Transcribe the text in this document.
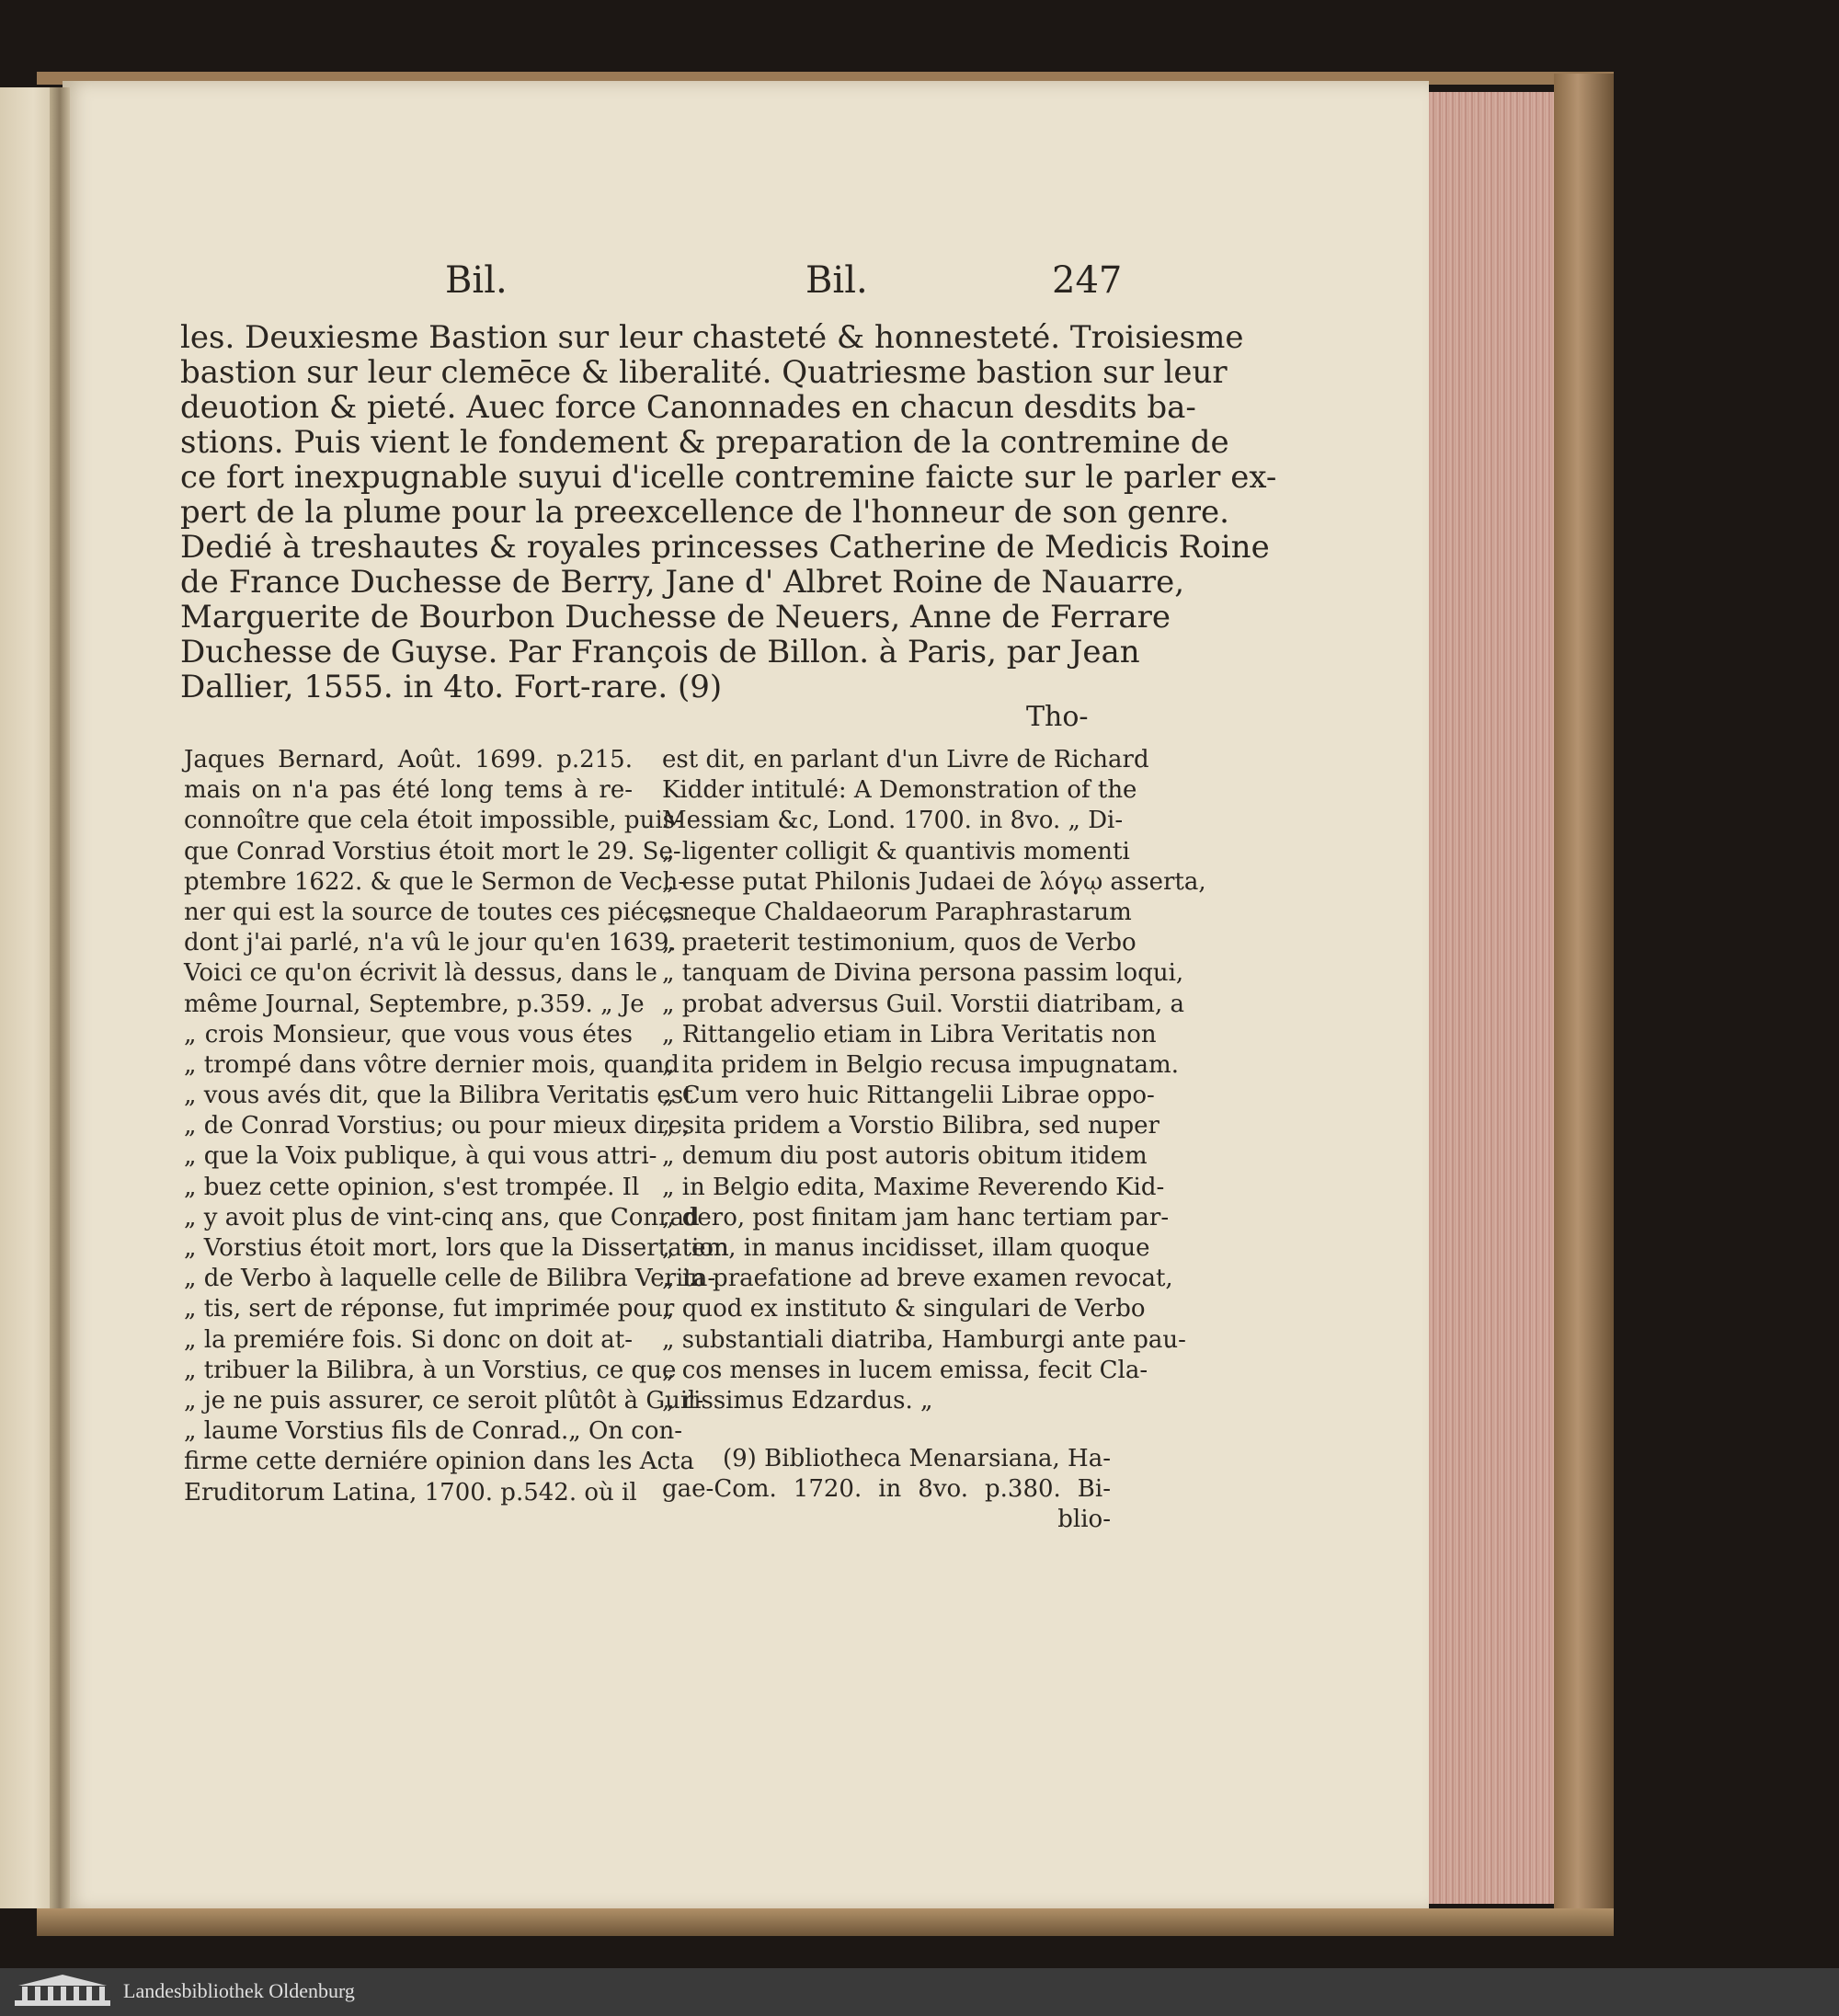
Bil.	Bil.	247
les. Deuxiesme Bastion sur leur chasteté & honnesteté. Troisiesme
bastion sur leur clemēce & liberalité. Quatriesme bastion sur leur
deuotion & pieté. Auec force Canonnades en chacun desdits ba-
stions. Puis vient le fondement & preparation de la contremine de
ce fort inexpugnable suyui d'icelle contremine faicte sur le parler ex-
pert de la plume pour la preexcellence de l'honneur de son genre.
Dedié à treshautes & royales princesses Catherine de Medicis Roine
de France Duchesse de Berry, Jane d' Albret Roine de Nauarre,
Marguerite de Bourbon Duchesse de Neuers, Anne de Ferrare
Duchesse de Guyse. Par François de Billon. à Paris, par Jean
Dallier, 1555. in 4to. Fort-rare. (9)
Tho-
Jaques Bernard, Août. 1699. p.215.
mais on n'a pas été long tems à re-
connoître que cela étoit impossible, puis-
que Conrad Vorstius étoit mort le 29. Se-
ptembre 1622. & que le Sermon de Vech-
ner qui est la source de toutes ces piéces
dont j'ai parlé, n'a vû le jour qu'en 1639.
Voici ce qu'on écrivit là dessus, dans le
même Journal, Septembre, p.359. „ Je
„ crois Monsieur, que vous vous étes
„ trompé dans vôtre dernier mois, quand
„ vous avés dit, que la Bilibra Veritatis est
„ de Conrad Vorstius; ou pour mieux dire,
„ que la Voix publique, à qui vous attri-
„ buez cette opinion, s'est trompée. Il
„ y avoit plus de vint-cinq ans, que Conrad
„ Vorstius étoit mort, lors que la Dissertation
„ de Verbo à laquelle celle de Bilibra Verita-
„ tis, sert de réponse, fut imprimée pour
„ la premiére fois. Si donc on doit at-
„ tribuer la Bilibra, à un Vorstius, ce que
„ je ne puis assurer, ce seroit plûtôt à Guil-
„ laume Vorstius fils de Conrad.„ On con-
firme cette derniére opinion dans les Acta
Eruditorum Latina, 1700. p.542. où il
est dit, en parlant d'un Livre de Richard
Kidder intitulé: A Demonstration of the
Messiam &c, Lond. 1700. in 8vo. „ Di-
„ ligenter colligit & quantivis momenti
„ esse putat Philonis Judaei de λόγῳ asserta,
„ neque Chaldaeorum Paraphrastarum
„ praeterit testimonium, quos de Verbo
„ tanquam de Divina persona passim loqui,
„ probat adversus Guil. Vorstii diatribam, a
„ Rittangelio etiam in Libra Veritatis non
„ ita pridem in Belgio recusa impugnatam.
„ Cum vero huic Rittangelii Librae oppo-
„ sita pridem a Vorstio Bilibra, sed nuper
„ demum diu post autoris obitum itidem
„ in Belgio edita, Maxime Reverendo Kid-
„ dero, post finitam jam hanc tertiam par-
„ tem, in manus incidisset, illam quoque
„ in praefatione ad breve examen revocat,
„ quod ex instituto & singulari de Verbo
„ substantiali diatriba, Hamburgi ante pau-
„ cos menses in lucem emissa, fecit Cla-
„ rissimus Edzardus. „
(9) Bibliotheca Menarsiana, Ha-
gae-Com. 1720. in 8vo. p.380. Bi-
blio-
Landesbibliothek Oldenburg
